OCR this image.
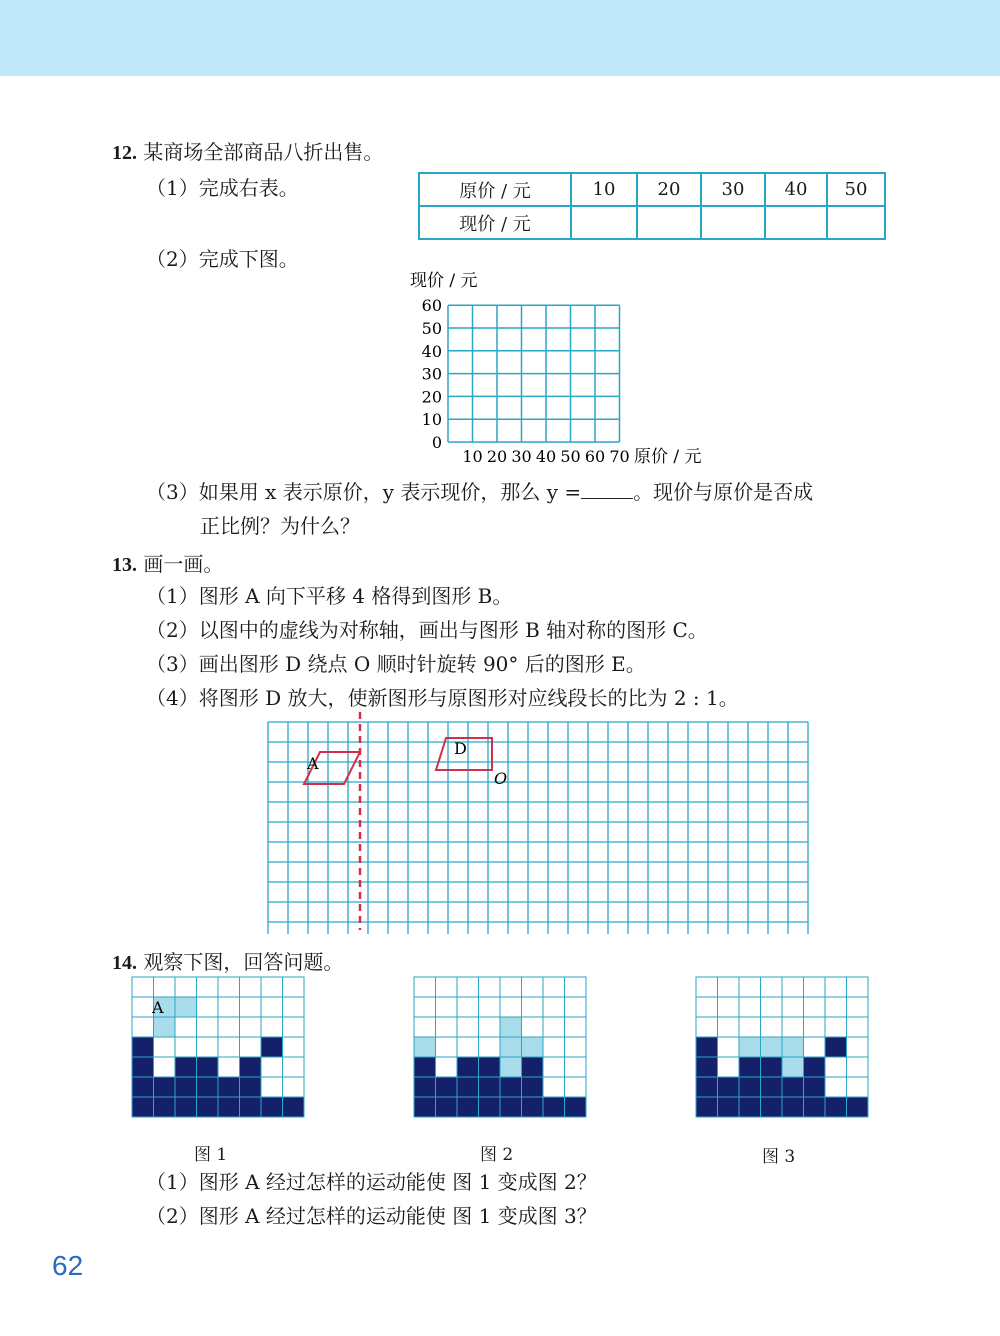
12. 某商场全部商品八折出售。
（1）完成右表。	原价 / 元	10	20	30	40	50
现价 / 元					
（2）完成下图。
现价 / 元
0
10
20
30
40
50
60
10 20 30 40 50 60 70 原价 / 元
（3）如果用 x 表示原价，y 表示现价，那么 y =	。现价与原价是否成
正比例？为什么？
13. 画一画。
（1）图形 A 向下平移 4 格得到图形 B。
（2）以图中的虚线为对称轴，画出与图形 B 轴对称的图形 C。
（3）画出图形 D 绕点 O 顺时针旋转 90° 后的图形 E。
（4）将图形 D 放大，使新图形与原图形对应线段长的比为 2 : 1。
A
D
O
14. 观察下图，回答问题。
A
图 1	图 2	图 3
（1）图形 A 经过怎样的运动能使 图 1 变成图 2？
（2）图形 A 经过怎样的运动能使 图 1 变成图 3？
62
